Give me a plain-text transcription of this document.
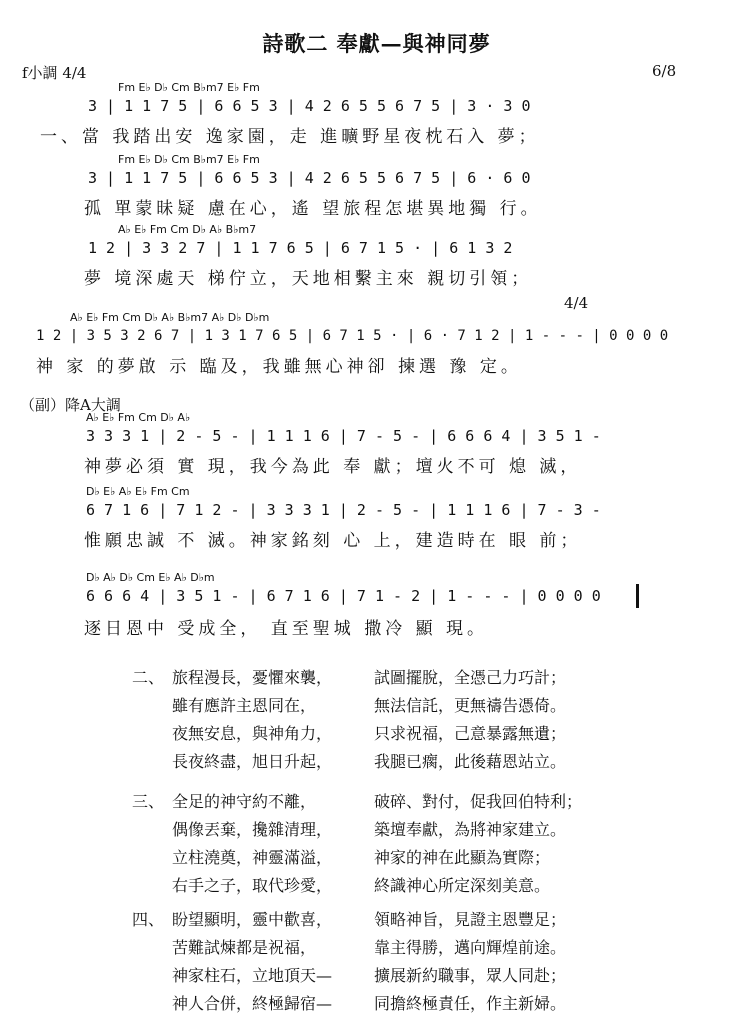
詩歌二 奉獻—與神同夢
f小調 4/4	6/8
4/4
Fm E♭ D♭ Cm B♭m7 E♭ Fm
3 | 1 1 7 5 | 6 6 5 3 | 4 2 6 5 5 6 7 5 | 3 · 3 0
一、當 我踏出安 逸家園，走 進曠野星夜枕石入 夢；
Fm E♭ D♭ Cm B♭m7 E♭ Fm
3 | 1 1 7 5 | 6 6 5 3 | 4 2 6 5 5 6 7 5 | 6 · 6 0
孤 單蒙昧疑 慮在心，遙 望旅程怎堪異地獨 行。
A♭ E♭ Fm Cm D♭ A♭ B♭m7
1 2 | 3 3 2 7 | 1 1 7 6 5 | 6 7 1 5 · | 6 1 3 2
夢 境深處天 梯佇立，天地相繫主來 親切引領；
A♭ E♭ Fm Cm D♭ A♭ B♭m7 A♭ D♭ D♭m
1 2 | 3 5 3 2 6 7 | 1 3 1 7 6 5 | 6 7 1 5 · | 6 · 7 1 2 | 1 - - - | 0 0 0 0
神 家 的夢啟 示 臨及，我雖無心神卻 揀選 豫 定。
（副）降A大調
A♭ E♭ Fm Cm D♭ A♭
3 3 3 1 | 2 - 5 - | 1 1 1 6 | 7 - 5 - | 6 6 6 4 | 3 5 1 -
神夢必須 實 現，我今為此 奉 獻；壇火不可 熄 滅，
D♭ E♭ A♭ E♭ Fm Cm
6 7 1 6 | 7 1 2 - | 3 3 3 1 | 2 - 5 - | 1 1 1 6 | 7 - 3 -
惟願忠誠 不 滅。神家銘刻 心 上，建造時在 眼 前；
D♭ A♭ D♭ Cm E♭ A♭ D♭m
6 6 6 4 | 3 5 1 - | 6 7 1 6 | 7 1 - 2 | 1 - - - | 0 0 0 0
逐日恩中 受成全， 直至聖城 撒冷 顯 現。
二、 旅程漫長，憂懼來襲，	試圖擺脫，全憑己力巧計；
雖有應許主恩同在，	無法信託，更無禱告憑倚。
夜無安息，與神角力，	只求祝福，己意暴露無遺；
長夜終盡，旭日升起，	我腿已瘸，此後藉恩站立。
三、 全足的神守約不離，	破碎、對付，促我回伯特利；
偶像丟棄，攙雜清理，	築壇奉獻，為將神家建立。
立柱澆奠，神靈滿溢，	神家的神在此顯為實際；
右手之子，取代珍愛，	終識神心所定深刻美意。
四、 盼望顯明，靈中歡喜，	領略神旨，見證主恩豐足；
苦難試煉都是祝福，	靠主得勝，邁向輝煌前途。
神家柱石，立地頂天—	擴展新約職事，眾人同赴；
神人合併，終極歸宿—	同擔終極責任，作主新婦。
